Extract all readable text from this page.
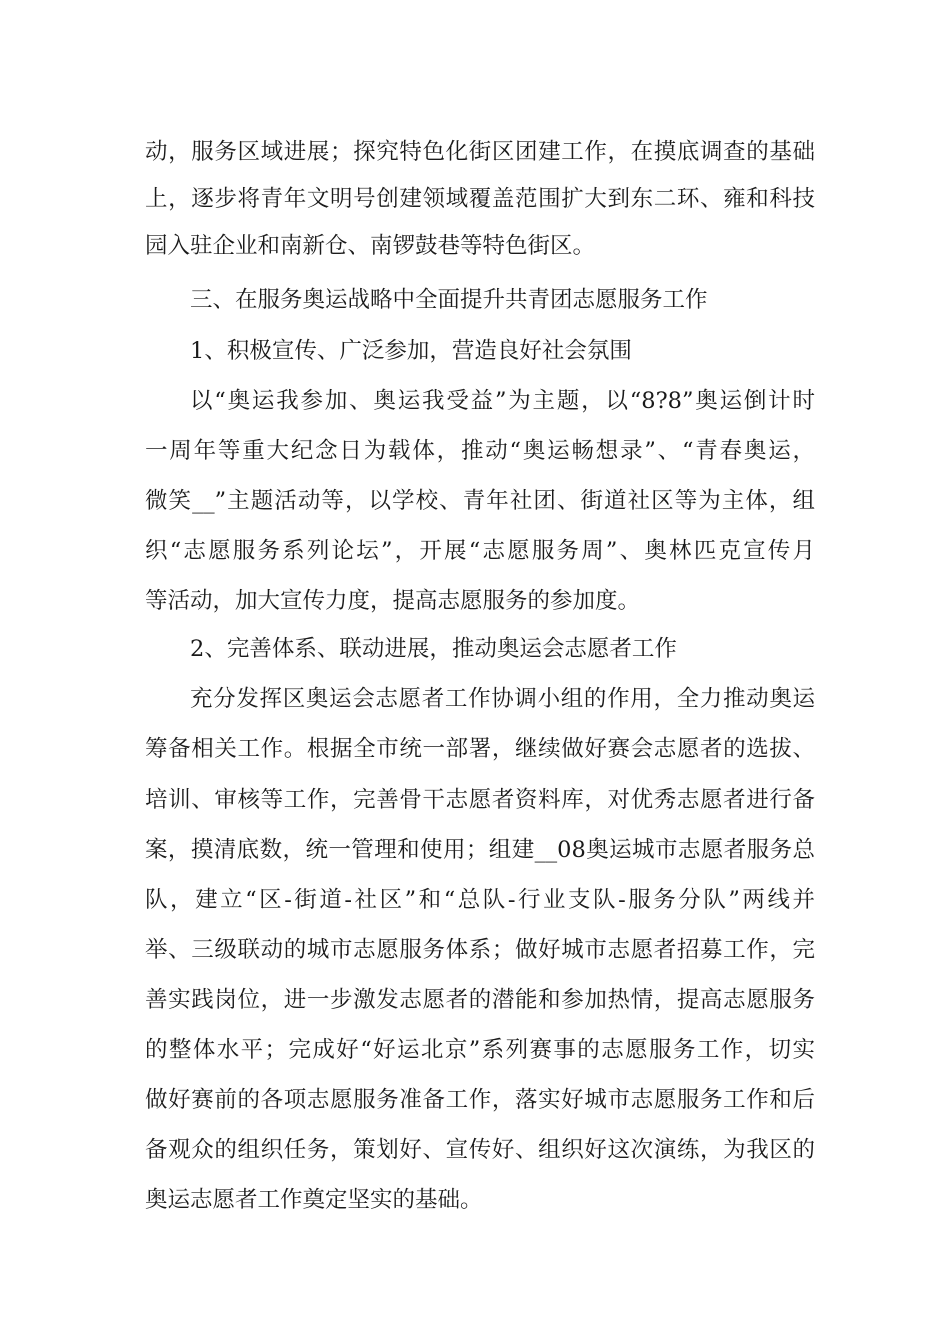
动，服务区域进展；探究特色化街区团建工作，在摸底调查的基础
上，逐步将青年文明号创建领域覆盖范围扩大到东二环、雍和科技
园入驻企业和南新仓、南锣鼓巷等特色街区。
三、在服务奥运战略中全面提升共青团志愿服务工作
1、积极宣传、广泛参加，营造良好社会氛围
以“奥运我参加、奥运我受益”为主题，以“8?8”奥运倒计时
一周年等重大纪念日为载体，推动“奥运畅想录”、“青春奥运，
微笑__”主题活动等，以学校、青年社团、街道社区等为主体，组
织“志愿服务系列论坛”，开展“志愿服务周”、奥林匹克宣传月
等活动，加大宣传力度，提高志愿服务的参加度。
2、完善体系、联动进展，推动奥运会志愿者工作
充分发挥区奥运会志愿者工作协调小组的作用，全力推动奥运
筹备相关工作。根据全市统一部署，继续做好赛会志愿者的选拔、
培训、审核等工作，完善骨干志愿者资料库，对优秀志愿者进行备
案，摸清底数，统一管理和使用；组建__08奥运城市志愿者服务总
队，建立“区-街道-社区”和“总队-行业支队-服务分队”两线并
举、三级联动的城市志愿服务体系；做好城市志愿者招募工作，完
善实践岗位，进一步激发志愿者的潜能和参加热情，提高志愿服务
的整体水平；完成好“好运北京”系列赛事的志愿服务工作，切实
做好赛前的各项志愿服务准备工作，落实好城市志愿服务工作和后
备观众的组织任务，策划好、宣传好、组织好这次演练，为我区的
奥运志愿者工作奠定坚实的基础。
